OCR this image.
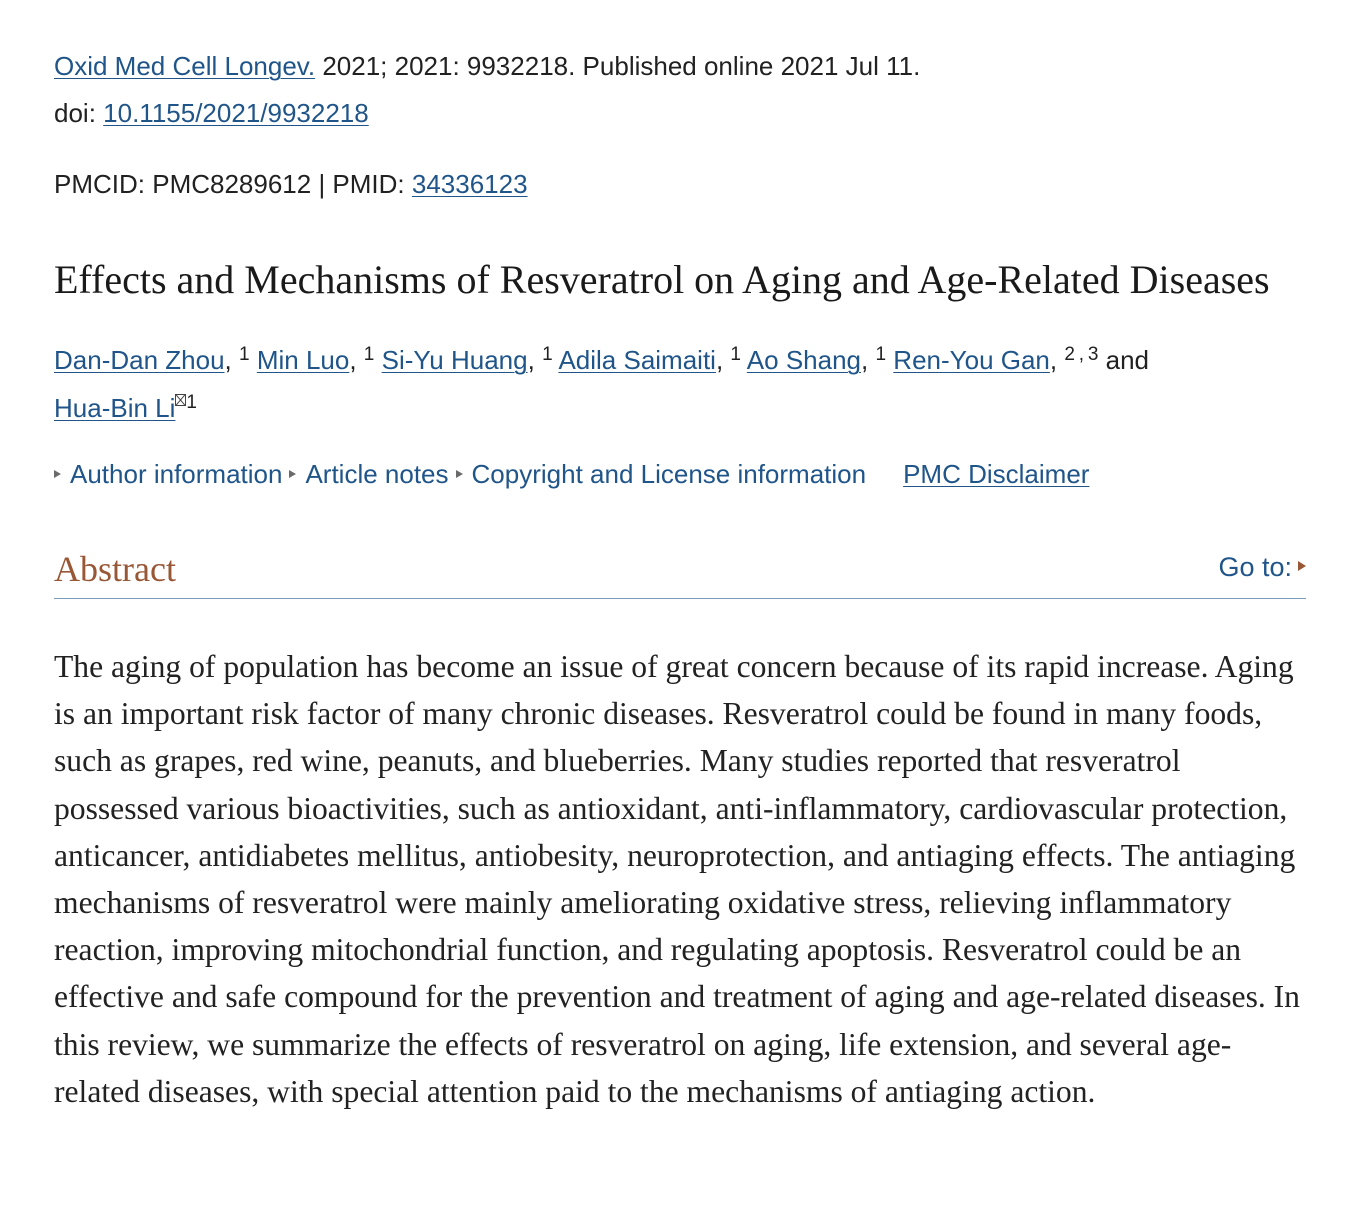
Oxid Med Cell Longev. 2021; 2021: 9932218. Published online 2021 Jul 11.
doi: 10.1155/2021/9932218
PMCID: PMC8289612 | PMID: 34336123
Effects and Mechanisms of Resveratrol on Aging and Age-Related Diseases
Dan-Dan Zhou, $^1$ Min Luo, $^1$ Si-Yu Huang, $^1$ Adila Saimaiti, $^1$ Ao Shang, $^1$ Ren-You Gan, $^{2 , 3}$ and
Hua-Bin Li $^1$
Author information Article notes Copyright and License information PMC Disclaimer
Abstract	Go to:

The aging of population has become an issue of great concern because of its rapid increase. Aging is an important risk factor of many chronic diseases. Resveratrol could be found in many foods, such as grapes, red wine, peanuts, and blueberries. Many studies reported that resveratrol possessed various bioactivities, such as antioxidant, anti-inflammatory, cardiovascular protection, anticancer, antidiabetes mellitus, antiobesity, neuroprotection, and antiaging effects. The antiaging mechanisms of resveratrol were mainly ameliorating oxidative stress, relieving inflammatory reaction, improving mitochondrial function, and regulating apoptosis. Resveratrol could be an effective and safe compound for the prevention and treatment of aging and age-related diseases. In this review, we summarize the effects of resveratrol on aging, life extension, and several age-related diseases, with special attention paid to the mechanisms of antiaging action.
